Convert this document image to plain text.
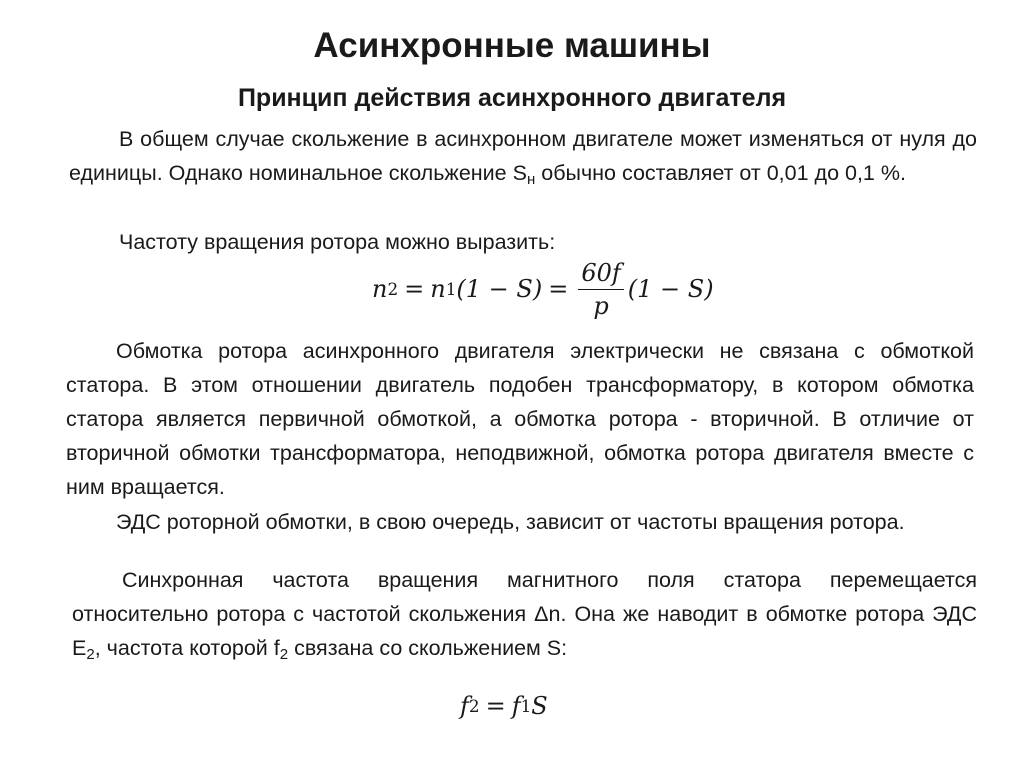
Асинхронные машины
Принцип действия асинхронного двигателя
В общем случае скольжение в асинхронном двигателе может изменяться от нуля до единицы. Однако номинальное скольжение $S_н$ обычно составляет от 0,01 до 0,1 %.
Частоту вращения ротора можно выразить:
n 2 = n 1 $(1 - S) = \frac{60f}{p} (1 - S)$
Обмотка ротора асинхронного двигателя электрически не связана с обмоткой статора. В этом отношении двигатель подобен трансформатору, в котором обмотка статора является первичной обмоткой, а обмотка ротора - вторичной. В отличие от вторичной обмотки трансформатора, неподвижной, обмотка ротора двигателя вместе с ним вращается.
ЭДС роторной обмотки, в свою очередь, зависит от частоты вращения ротора.
Синхронная частота вращения магнитного поля статора перемещается относительно ротора с частотой скольжения Δn. Она же наводит в обмотке ротора ЭДС $E_2$, частота которой $f_2$ связана со скольжением S:
f 2 = f 1 S
